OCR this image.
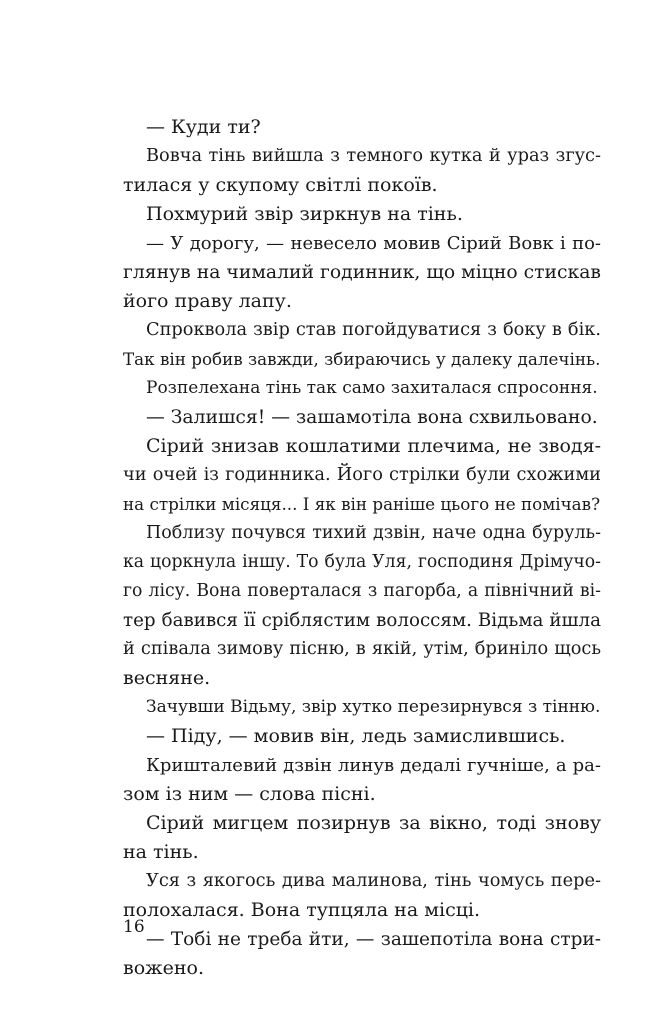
— Куди ти?
Вовча тінь вийшла з темного кутка й ураз згус-
тилася у скупому світлі покоїв.
Похмурий звір зиркнув на тінь.
— У дорогу, — невесело мовив Сірий Вовк і по-
глянув на чималий годинник, що міцно стискав
його праву лапу.
Спроквола звір став погойдуватися з боку в бік.
Так він робив завжди, збираючись у далеку далечінь.
Розпелехана тінь так само захиталася спросоння.
— Залишся! — зашамотіла вона схвильовано.
Сірий знизав кошлатими плечима, не зводя-
чи очей із годинника. Його стрілки були схожими
на стрілки місяця... І як він раніше цього не помічав?
Поблизу почувся тихий дзвін, наче одна буруль-
ка цоркнула іншу. То була Уля, господиня Дрімучо-
го лісу. Вона поверталася з пагорба, а північний ві-
тер бавився її сріблястим волоссям. Відьма йшла
й співала зимову пісню, в якій, утім, бриніло щось
весняне.
Зачувши Відьму, звір хутко перезирнувся з тінню.
— Піду, — мовив він, ледь замислившись.
Кришталевий дзвін линув дедалі гучніше, а ра-
зом із ним — слова пісні.
Сірий мигцем позирнув за вікно, тоді знову
на тінь.
Уся з якогось дива малинова, тінь чомусь пере-
полохалася. Вона тупцяла на місці.
— Тобі не треба йти, — зашепотіла вона стри-
вожено.
16
